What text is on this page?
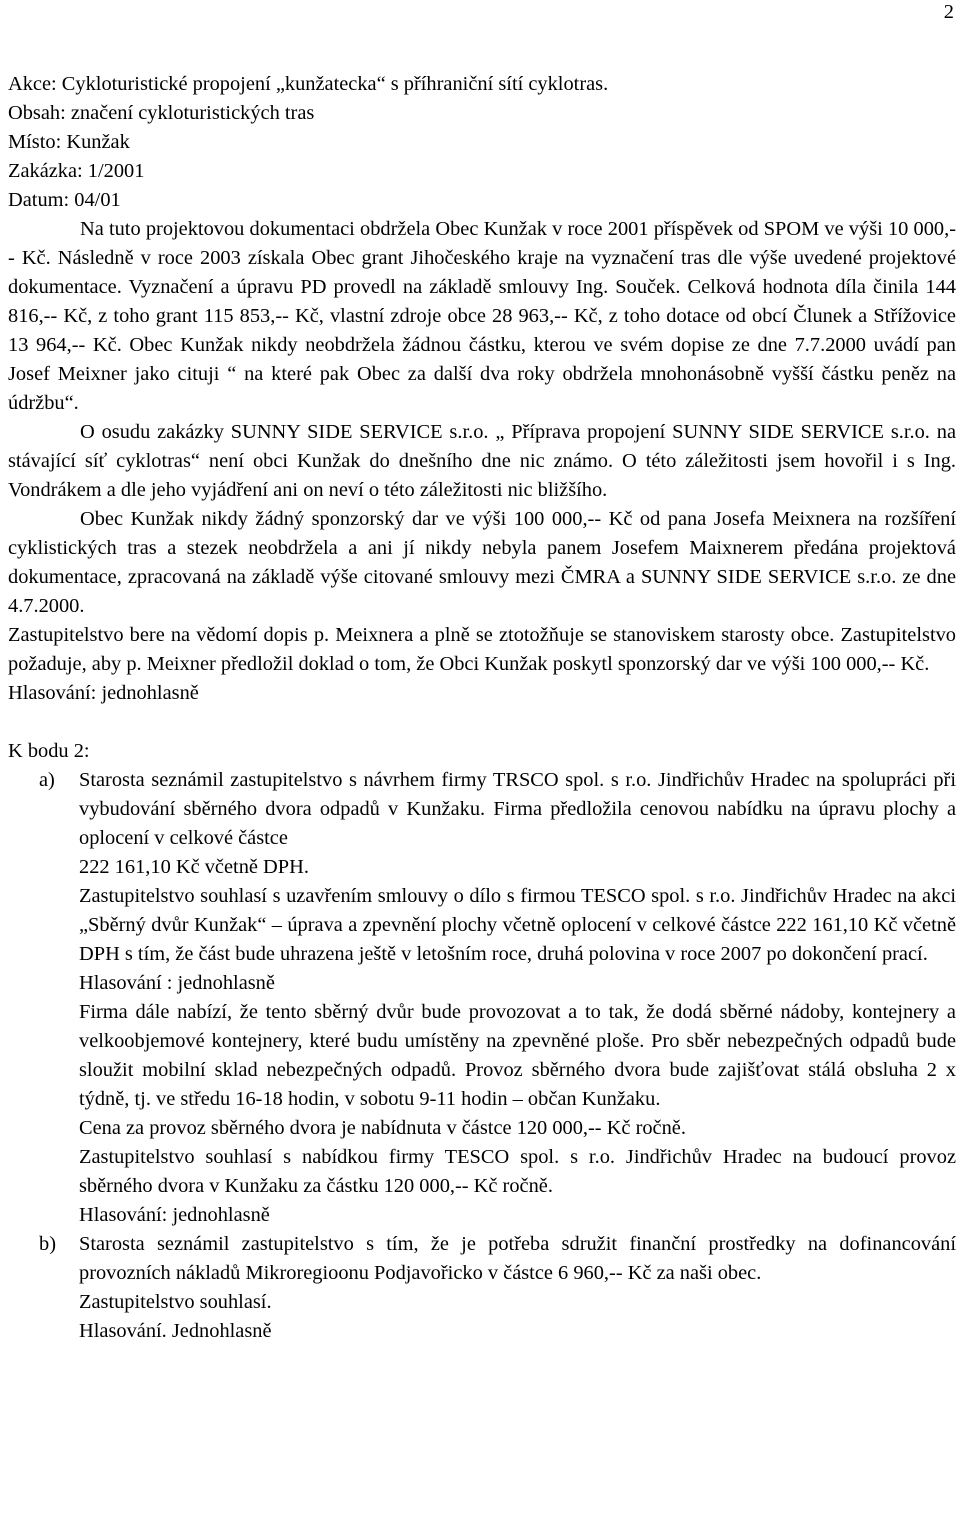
2
Akce: Cykloturistické propojení „kunžatecka“ s příhraniční sítí cyklotras.
Obsah: značení cykloturistických tras
Místo: Kunžak
Zakázka: 1/2001
Datum: 04/01

Na tuto projektovou dokumentaci obdržela Obec Kunžak v roce 2001 příspěvek od SPOM ve výši 10 000,-- Kč. Následně v roce 2003 získala Obec grant Jihočeského kraje na vyznačení tras dle výše uvedené projektové dokumentace. Vyznačení a úpravu PD provedl na základě smlouvy Ing. Souček. Celková hodnota díla činila 144 816,-- Kč, z toho grant 115 853,-- Kč, vlastní zdroje obce 28 963,-- Kč, z toho dotace od obcí Člunek a Střížovice 13 964,-- Kč. Obec Kunžak nikdy neobdržela žádnou částku, kterou ve svém dopise ze dne 7.7.2000 uvádí pan Josef Meixner jako cituji “ na které pak Obec za další dva roky obdržela mnohonásobně vyšší částku peněz na údržbu“.

O osudu zakázky SUNNY SIDE SERVICE s.r.o. „ Příprava propojení SUNNY SIDE SERVICE s.r.o. na stávající síť cyklotras“ není obci Kunžak do dnešního dne nic známo. O této záležitosti jsem hovořil i s Ing. Vondrákem a dle jeho vyjádření ani on neví o této záležitosti nic bližšího.

Obec Kunžak nikdy žádný sponzorský dar ve výši 100 000,-- Kč od pana Josefa Meixnera na rozšíření cyklistických tras a stezek neobdržela a ani jí nikdy nebyla panem Josefem Maixnerem předána projektová dokumentace, zpracovaná na základě výše citované smlouvy mezi ČMRA a SUNNY SIDE SERVICE s.r.o. ze dne 4.7.2000.

Zastupitelstvo bere na vědomí dopis p. Meixnera a plně se ztotožňuje se stanoviskem starosty obce. Zastupitelstvo požaduje, aby p. Meixner předložil doklad o tom, že Obci Kunžak poskytl sponzorský dar ve výši 100 000,-- Kč.

Hlasování: jednohlasně
K bodu 2:
a) Starosta seznámil zastupitelstvo s návrhem firmy TRSCO spol. s r.o. Jindřichův Hradec na spolupráci při vybudování sběrného dvora odpadů v Kunžaku. Firma předložila cenovou nabídku na úpravu plochy a oplocení v celkové částce

222 161,10 Kč včetně DPH.

Zastupitelstvo souhlasí s uzavřením smlouvy o dílo s firmou TESCO spol. s r.o. Jindřichův Hradec na akci „Sběrný dvůr Kunžak“ – úprava a zpevnění plochy včetně oplocení v celkové částce 222 161,10 Kč včetně DPH s tím, že část bude uhrazena ještě v letošním roce, druhá polovina v roce 2007 po dokončení prací.

Hlasování : jednohlasně

Firma dále nabízí, že tento sběrný dvůr bude provozovat a to tak, že dodá sběrné nádoby, kontejnery a velkoobjemové kontejnery, které budu umístěny na zpevněné ploše. Pro sběr nebezpečných odpadů bude sloužit mobilní sklad nebezpečných odpadů. Provoz sběrného dvora bude zajišťovat stálá obsluha 2 x týdně, tj. ve středu 16-18 hodin, v sobotu 9-11 hodin – občan Kunžaku.

Cena za provoz sběrného dvora je nabídnuta v částce 120 000,-- Kč ročně.

Zastupitelstvo souhlasí s nabídkou firmy TESCO spol. s r.o. Jindřichův Hradec na budoucí provoz sběrného dvora v Kunžaku za částku 120 000,-- Kč ročně.

Hlasování: jednohlasně

b) Starosta seznámil zastupitelstvo s tím, že je potřeba sdružit finanční prostředky na dofinancování provozních nákladů Mikroregioonu Podjavořicko v částce 6 960,-- Kč za naši obec.

Zastupitelstvo souhlasí.

Hlasování. Jednohlasně
